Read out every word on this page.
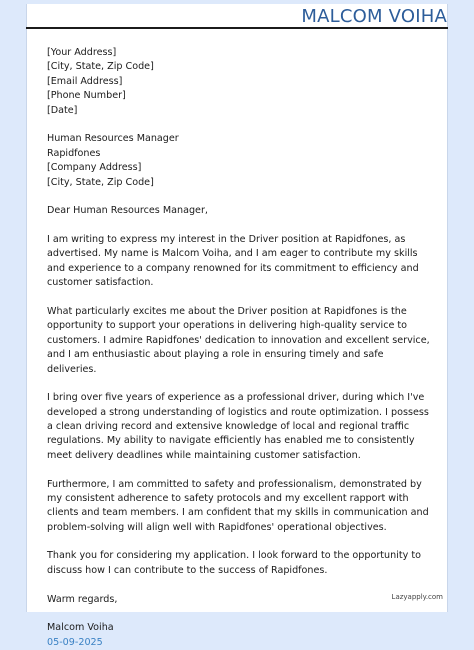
MALCOM VOIHA
[Your Address]
[City, State, Zip Code]
[Email Address]
[Phone Number]
[Date]
Human Resources Manager
Rapidfones
[Company Address]
[City, State, Zip Code]

Dear Human Resources Manager,

I am writing to express my interest in the Driver position at Rapidfones, as advertised. My name is Malcom Voiha, and I am eager to contribute my skills and experience to a company renowned for its commitment to efficiency and customer satisfaction.

What particularly excites me about the Driver position at Rapidfones is the opportunity to support your operations in delivering high-quality service to customers. I admire Rapidfones' dedication to innovation and excellent service, and I am enthusiastic about playing a role in ensuring timely and safe deliveries.

I bring over five years of experience as a professional driver, during which I've developed a strong understanding of logistics and route optimization. I possess a clean driving record and extensive knowledge of local and regional traffic regulations. My ability to navigate efficiently has enabled me to consistently meet delivery deadlines while maintaining customer satisfaction.

Furthermore, I am committed to safety and professionalism, demonstrated by my consistent adherence to safety protocols and my excellent rapport with clients and team members. I am confident that my skills in communication and problem-solving will align well with Rapidfones' operational objectives.

Thank you for considering my application. I look forward to the opportunity to discuss how I can contribute to the success of Rapidfones.

Warm regards,

Malcom Voiha
05-09-2025
Lazyapply.com
